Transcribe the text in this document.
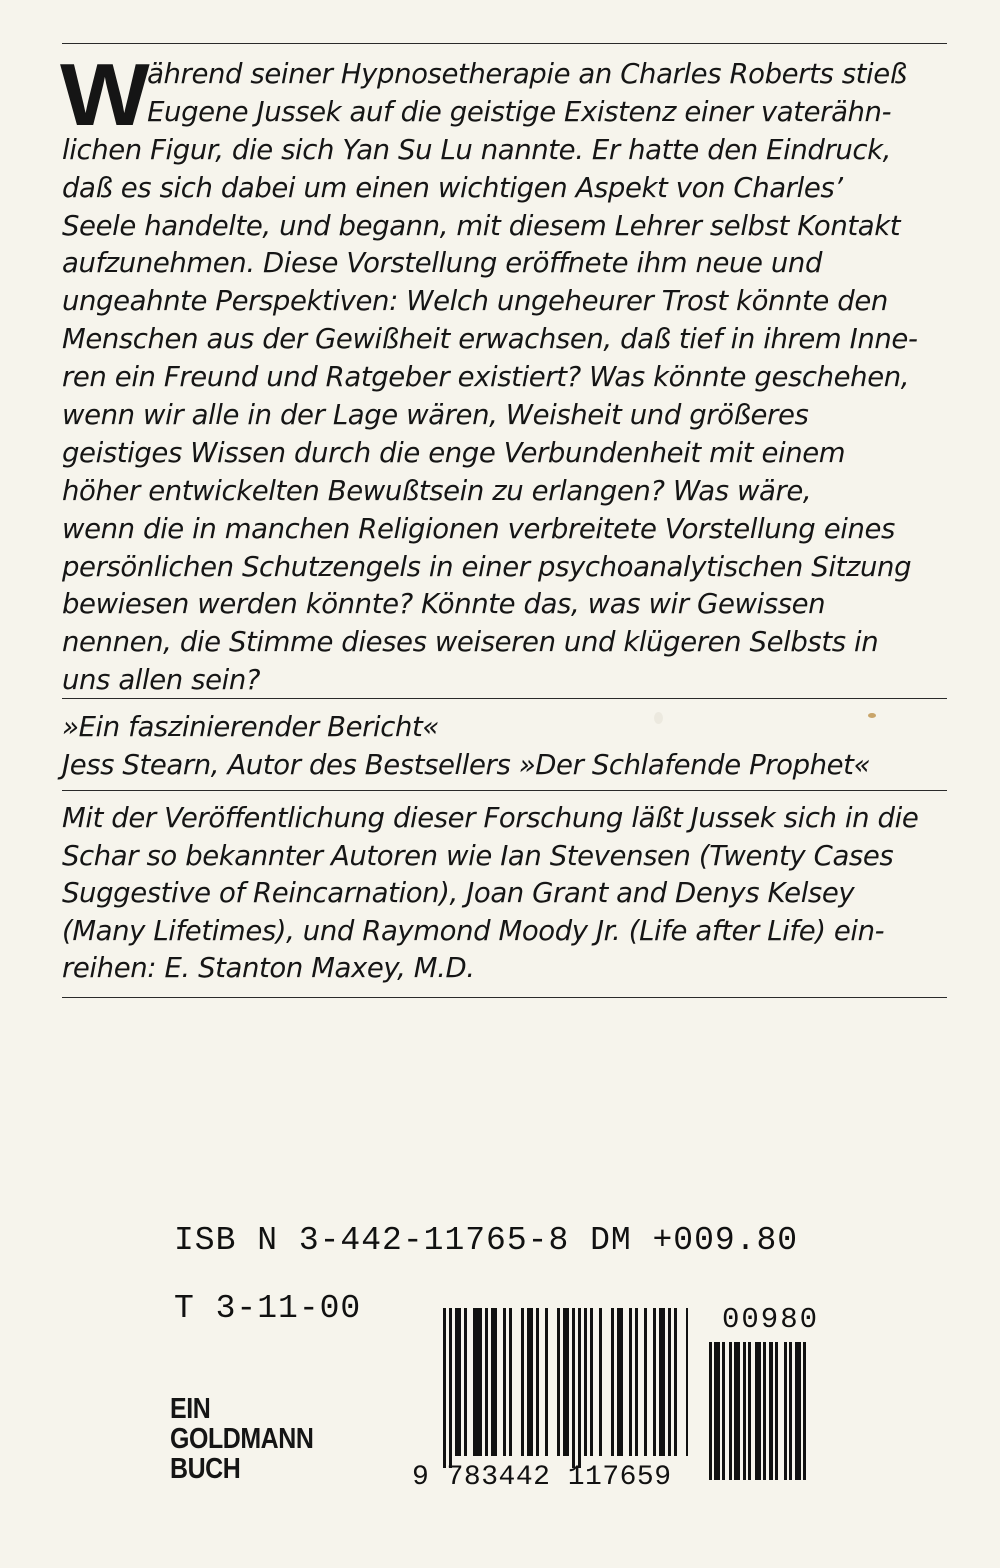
W ährend seiner Hypnosetherapie an Charles Roberts stieß
Eugene Jussek auf die geistige Existenz einer vaterähn-
lichen Figur, die sich Yan Su Lu nannte. Er hatte den Eindruck,
daß es sich dabei um einen wichtigen Aspekt von Charles’
Seele handelte, und begann, mit diesem Lehrer selbst Kontakt
aufzunehmen. Diese Vorstellung eröffnete ihm neue und
ungeahnte Perspektiven: Welch ungeheurer Trost könnte den
Menschen aus der Gewißheit erwachsen, daß tief in ihrem Inne-
ren ein Freund und Ratgeber existiert? Was könnte geschehen,
wenn wir alle in der Lage wären, Weisheit und größeres
geistiges Wissen durch die enge Verbundenheit mit einem
höher entwickelten Bewußtsein zu erlangen? Was wäre,
wenn die in manchen Religionen verbreitete Vorstellung eines
persönlichen Schutzengels in einer psychoanalytischen Sitzung
bewiesen werden könnte? Könnte das, was wir Gewissen
nennen, die Stimme dieses weiseren und klügeren Selbsts in
uns allen sein?
»Ein faszinierender Bericht«
Jess Stearn, Autor des Bestsellers »Der Schlafende Prophet«
Mit der Veröffentlichung dieser Forschung läßt Jussek sich in die
Schar so bekannter Autoren wie Ian Stevensen (Twenty Cases
Suggestive of Reincarnation), Joan Grant and Denys Kelsey
(Many Lifetimes), und Raymond Moody Jr. (Life after Life) ein-
reihen: E. Stanton Maxey, M.D.
ISB N 3-442-11765-8 DM +009.80
T 3-11-00	00980
9 783442 117659
EIN
GOLDMANN
BUCH
